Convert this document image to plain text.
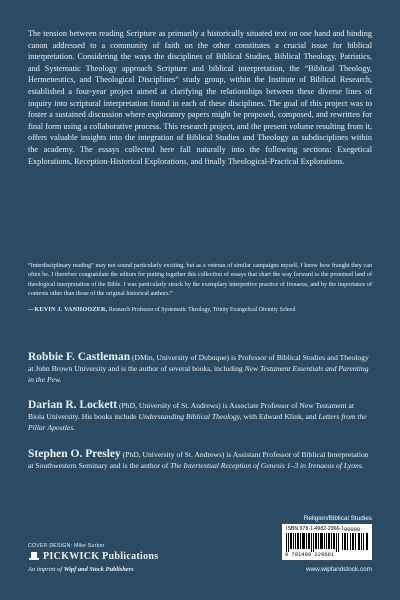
The tension between reading Scripture as primarily a historically situated text on one hand and binding canon addressed to a community of faith on the other constitutes a crucial issue for biblical interpretation. Considering the ways the disciplines of Biblical Studies, Biblical Theology, Patristics, and Systematic Theology approach Scripture and biblical interpretation, the “Biblical Theology, Hermeneutics, and Theological Disciplines” study group, within the Institute of Biblical Research, established a four-year project aimed at clarifying the relationships between these diverse lines of inquiry into scriptural interpretation found in each of these disciplines. The goal of this project was to foster a sustained discussion where exploratory papers might be proposed, composed, and rewritten for final form using a collaborative process. This research project, and the present volume resulting from it, offers valuable insights into the integration of Biblical Studies and Theology as subdisciplines within the academy. The essays collected here fall naturally into the following sections: Exegetical Explorations, Reception-Historical Explorations, and finally Theological-Practical Explorations.

“Interdisciplinary reading” may not sound particularly exciting, but as a veteran of similar campaigns myself, I know how fraught they can often be. I therefore congratulate the editors for putting together this collection of essays that chart the way forward to the promised land of theological interpretation of the Bible. I was particularly struck by the exemplary interpretive practice of Irenaeus, and by the importance of contexts other than those of the original historical authors.”

—KEVIN J. VANHOOZER, Research Professor of Systematic Theology, Trinity Evangelical Divinity School

Robbie F. Castleman (DMin, University of Dubuque) is Professor of Biblical Studies and Theology at John Brown University and is the author of several books, including New Testament Essentials and Parenting in the Pew.

Darian R. Lockett (PhD, University of St. Andrews) is Associate Professor of New Testament at Biola University. His books include Understanding Biblical Theology, with Edward Klink, and Letters from the Pillar Apostles.

Stephen O. Presley (PhD, University of St. Andrews) is Assistant Professor of Biblical Interpretation at Southwestern Seminary and is the author of The Intertextual Reception of Genesis 1–3 in Irenaeus of Lyons.

Religion/Biblical Studies

ISBN 978-1-4982-2966-1 90000
9 781498 229661

COVER DESIGN: Mike Surber

PICKWICK Publications

An imprint of Wipf and Stock Publishers	www.wipfandstock.com
